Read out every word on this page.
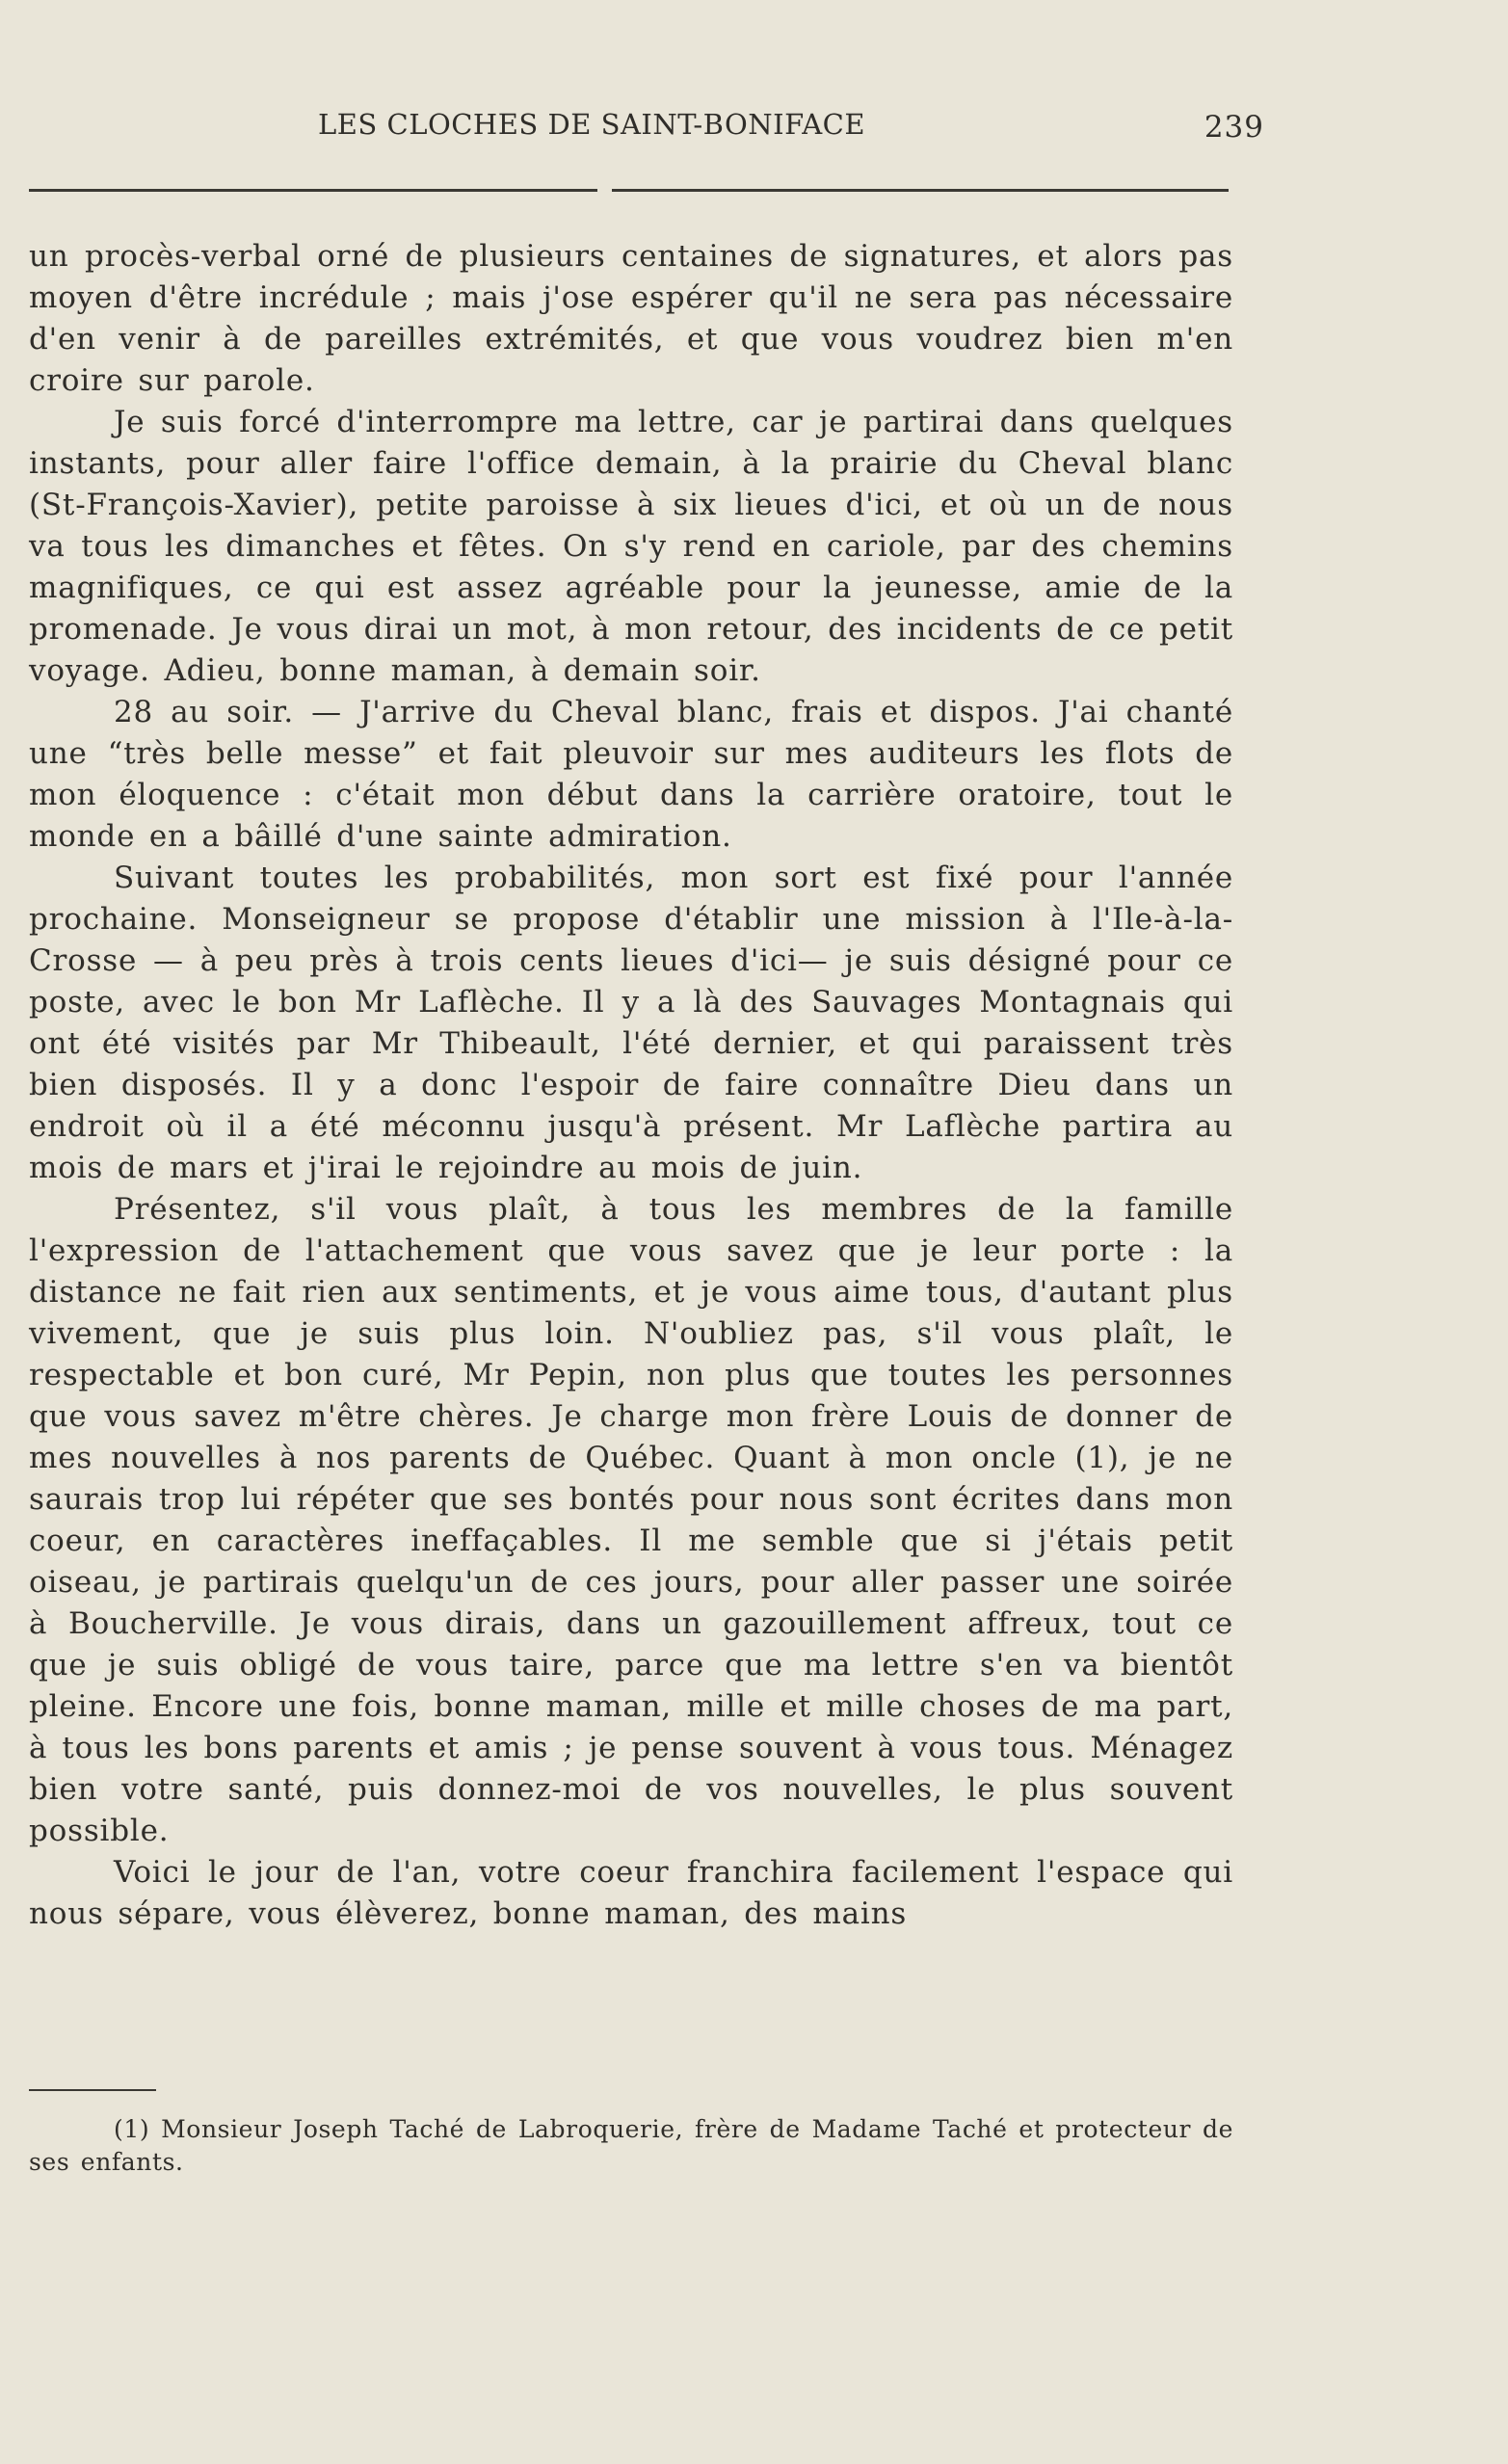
LES CLOCHES DE SAINT-BONIFACE	239

un procès-verbal orné de plusieurs centaines de signatures, et alors pas moyen d'être incrédule ; mais j'ose espérer qu'il ne sera pas nécessaire d'en venir à de pareilles extrémités, et que vous voudrez bien m'en croire sur parole.

Je suis forcé d'interrompre ma lettre, car je partirai dans quelques instants, pour aller faire l'office demain, à la prairie du Cheval blanc (St-François-Xavier), petite paroisse à six lieues d'ici, et où un de nous va tous les dimanches et fêtes. On s'y rend en cariole, par des chemins magnifiques, ce qui est assez agréable pour la jeunesse, amie de la promenade. Je vous dirai un mot, à mon retour, des incidents de ce petit voyage. Adieu, bonne maman, à demain soir.

28 au soir. — J'arrive du Cheval blanc, frais et dispos. J'ai chanté une “très belle messe” et fait pleuvoir sur mes auditeurs les flots de mon éloquence : c'était mon début dans la carrière oratoire, tout le monde en a bâillé d'une sainte admiration.

Suivant toutes les probabilités, mon sort est fixé pour l'année prochaine. Monseigneur se propose d'établir une mission à l'Ile-à-la-Crosse — à peu près à trois cents lieues d'ici— je suis désigné pour ce poste, avec le bon Mr Laflèche. Il y a là des Sauvages Montagnais qui ont été visités par Mr Thibeault, l'été dernier, et qui paraissent très bien disposés. Il y a donc l'espoir de faire connaître Dieu dans un endroit où il a été méconnu jusqu'à présent. Mr Laflèche partira au mois de mars et j'irai le rejoindre au mois de juin.

Présentez, s'il vous plaît, à tous les membres de la famille l'expression de l'attachement que vous savez que je leur porte : la distance ne fait rien aux sentiments, et je vous aime tous, d'autant plus vivement, que je suis plus loin. N'oubliez pas, s'il vous plaît, le respectable et bon curé, Mr Pepin, non plus que toutes les personnes que vous savez m'être chères. Je charge mon frère Louis de donner de mes nouvelles à nos parents de Québec. Quant à mon oncle (1), je ne saurais trop lui répéter que ses bontés pour nous sont écrites dans mon coeur, en caractères ineffaçables. Il me semble que si j'étais petit oiseau, je partirais quelqu'un de ces jours, pour aller passer une soirée à Boucherville. Je vous dirais, dans un gazouillement affreux, tout ce que je suis obligé de vous taire, parce que ma lettre s'en va bientôt pleine. Encore une fois, bonne maman, mille et mille choses de ma part, à tous les bons parents et amis ; je pense souvent à vous tous. Ménagez bien votre santé, puis donnez-moi de vos nouvelles, le plus souvent possible.

Voici le jour de l'an, votre coeur franchira facilement l'espace qui nous sépare, vous élèverez, bonne maman, des mains

(1) Monsieur Joseph Taché de Labroquerie, frère de Madame Taché et protecteur de ses enfants.
